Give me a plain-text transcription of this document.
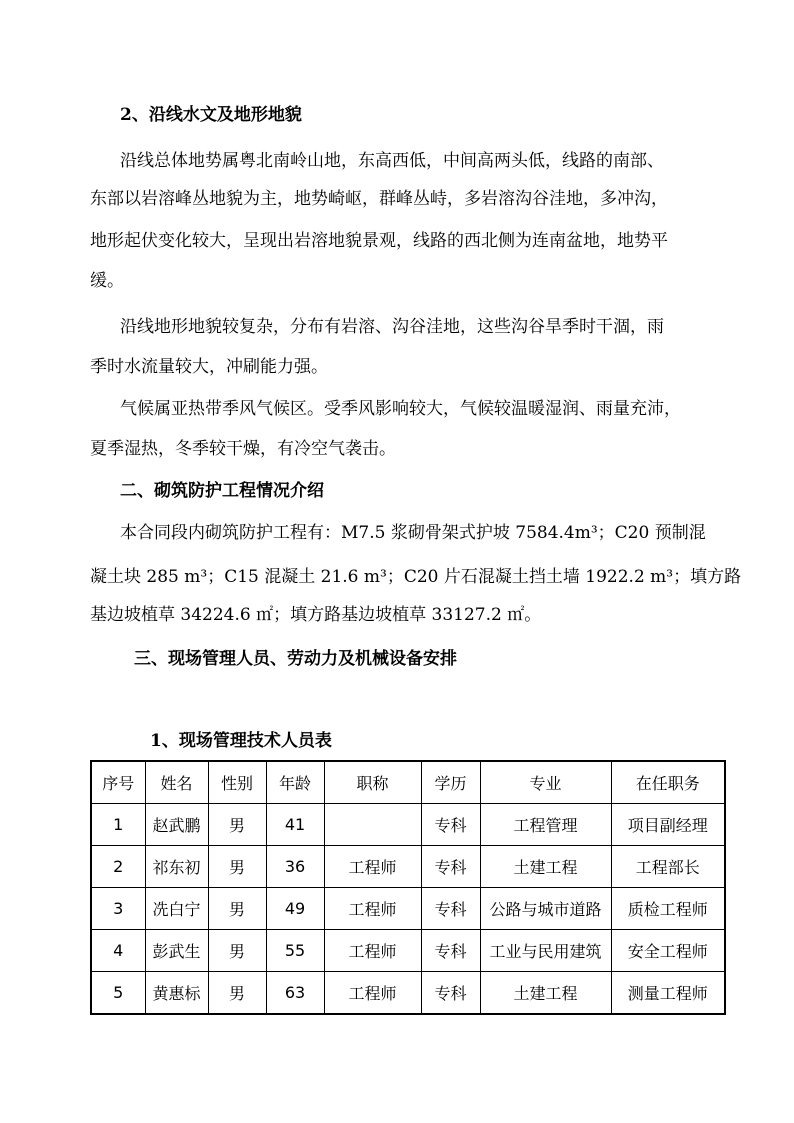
2、沿线水文及地形地貌
沿线总体地势属粤北南岭山地，东高西低，中间高两头低，线路的南部、
东部以岩溶峰丛地貌为主，地势崎岖，群峰丛峙，多岩溶沟谷洼地，多冲沟，
地形起伏变化较大，呈现出岩溶地貌景观，线路的西北侧为连南盆地，地势平
缓。
沿线地形地貌较复杂，分布有岩溶、沟谷洼地，这些沟谷旱季时干涸，雨
季时水流量较大，冲刷能力强。
气候属亚热带季风气候区。受季风影响较大，气候较温暖湿润、雨量充沛，
夏季湿热，冬季较干燥，有冷空气袭击。
二、砌筑防护工程情况介绍
本合同段内砌筑防护工程有：M7.5 浆砌骨架式护坡 7584.4m³；C20 预制混
凝土块 285 m³；C15 混凝土 21.6 m³；C20 片石混凝土挡土墙 1922.2 m³；填方路
基边坡植草 34224.6 ㎡；填方路基边坡植草 33127.2 ㎡。
三、现场管理人员、劳动力及机械设备安排
1、现场管理技术人员表
序号	姓名	性别	年龄	职称	学历	专业	在任职务
1	赵武鹏	男	41		专科	工程管理	项目副经理
2	祁东初	男	36	工程师	专科	土建工程	工程部长
3	冼白宁	男	49	工程师	专科	公路与城市道路	质检工程师
4	彭武生	男	55	工程师	专科	工业与民用建筑	安全工程师
5	黄惠标	男	63	工程师	专科	土建工程	测量工程师
